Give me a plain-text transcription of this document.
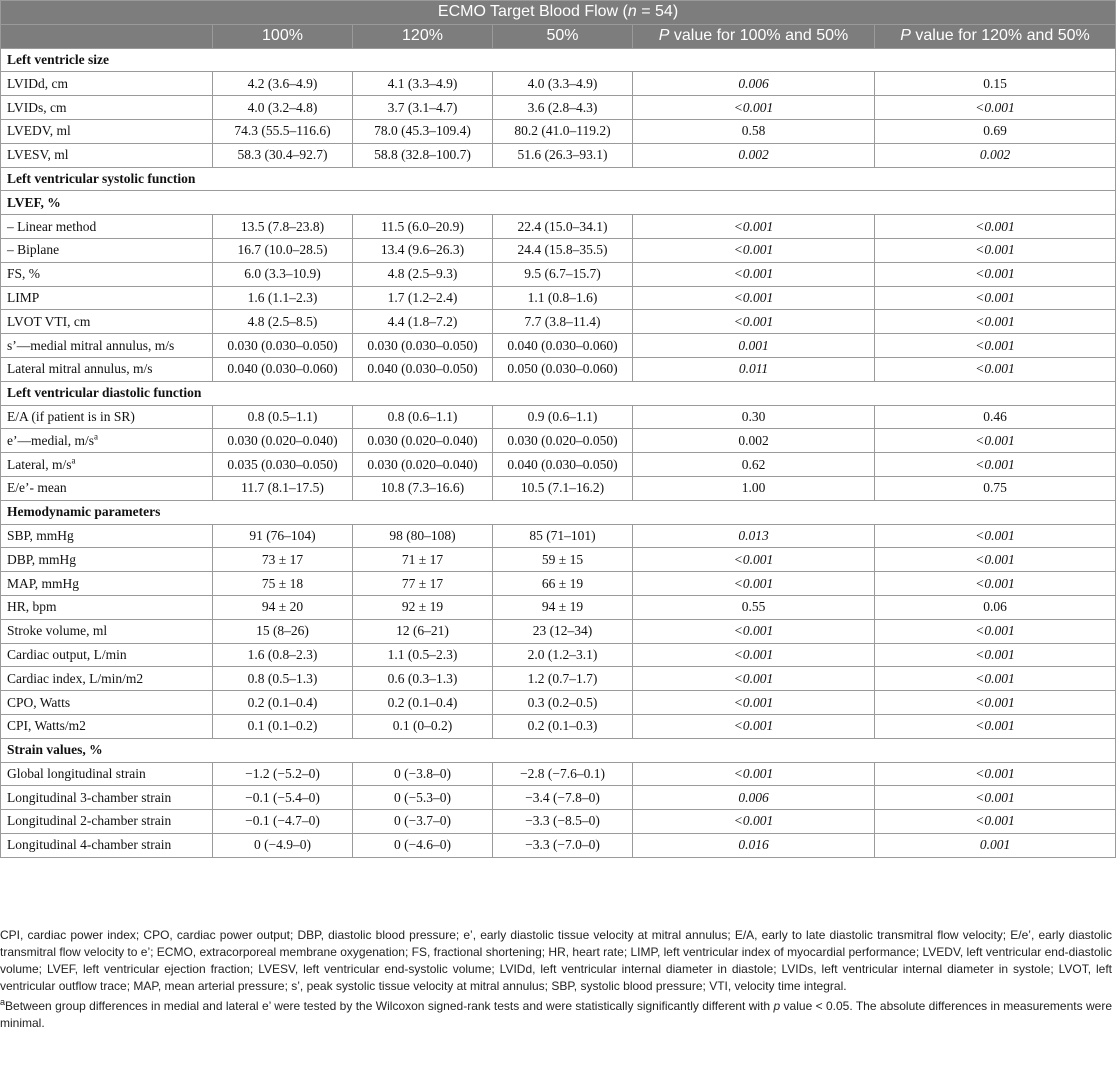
ECMO Target Blood Flow (n = 54)					
	100%	120%	50%	P value for 100% and 50%	P value for 120% and 50%
Left ventricle size					
LVIDd, cm	4.2 (3.6–4.9)	4.1 (3.3–4.9)	4.0 (3.3–4.9)	0.006	0.15
LVIDs, cm	4.0 (3.2–4.8)	3.7 (3.1–4.7)	3.6 (2.8–4.3)	<0.001	<0.001
LVEDV, ml	74.3 (55.5–116.6)	78.0 (45.3–109.4)	80.2 (41.0–119.2)	0.58	0.69
LVESV, ml	58.3 (30.4–92.7)	58.8 (32.8–100.7)	51.6 (26.3–93.1)	0.002	0.002
Left ventricular systolic function					
LVEF, %					
– Linear method	13.5 (7.8–23.8)	11.5 (6.0–20.9)	22.4 (15.0–34.1)	<0.001	<0.001
– Biplane	16.7 (10.0–28.5)	13.4 (9.6–26.3)	24.4 (15.8–35.5)	<0.001	<0.001
FS, %	6.0 (3.3–10.9)	4.8 (2.5–9.3)	9.5 (6.7–15.7)	<0.001	<0.001
LIMP	1.6 (1.1–2.3)	1.7 (1.2–2.4)	1.1 (0.8–1.6)	<0.001	<0.001
LVOT VTI, cm	4.8 (2.5–8.5)	4.4 (1.8–7.2)	7.7 (3.8–11.4)	<0.001	<0.001
s’—medial mitral annulus, m/s	0.030 (0.030–0.050)	0.030 (0.030–0.050)	0.040 (0.030–0.060)	0.001	<0.001
Lateral mitral annulus, m/s	0.040 (0.030–0.060)	0.040 (0.030–0.050)	0.050 (0.030–0.060)	0.011	<0.001
Left ventricular diastolic function					
E/A (if patient is in SR)	0.8 (0.5–1.1)	0.8 (0.6–1.1)	0.9 (0.6–1.1)	0.30	0.46
e’—medial, $m/s^a$	0.030 (0.020–0.040)	0.030 (0.020–0.040)	0.030 (0.020–0.050)	0.002	<0.001
Lateral, $m/s^a$	0.035 (0.030–0.050)	0.030 (0.020–0.040)	0.040 (0.030–0.050)	0.62	<0.001
E/e’- mean	11.7 (8.1–17.5)	10.8 (7.3–16.6)	10.5 (7.1–16.2)	1.00	0.75
Hemodynamic parameters					
SBP, mmHg	91 (76–104)	98 (80–108)	85 (71–101)	0.013	<0.001
DBP, mmHg	73 ± 17	71 ± 17	59 ± 15	<0.001	<0.001
MAP, mmHg	75 ± 18	77 ± 17	66 ± 19	<0.001	<0.001
HR, bpm	94 ± 20	92 ± 19	94 ± 19	0.55	0.06
Stroke volume, ml	15 (8–26)	12 (6–21)	23 (12–34)	<0.001	<0.001
Cardiac output, L/min	1.6 (0.8–2.3)	1.1 (0.5–2.3)	2.0 (1.2–3.1)	<0.001	<0.001
Cardiac index, L/min/m2	0.8 (0.5–1.3)	0.6 (0.3–1.3)	1.2 (0.7–1.7)	<0.001	<0.001
CPO, Watts	0.2 (0.1–0.4)	0.2 (0.1–0.4)	0.3 (0.2–0.5)	<0.001	<0.001
CPI, Watts/m2	0.1 (0.1–0.2)	0.1 (0–0.2)	0.2 (0.1–0.3)	<0.001	<0.001
Strain values, %					
Global longitudinal strain	−1.2 (−5.2–0)	0 (−3.8–0)	−2.8 (−7.6–0.1)	<0.001	<0.001
Longitudinal 3-chamber strain	−0.1 (−5.4–0)	0 (−5.3–0)	−3.4 (−7.8–0)	0.006	<0.001
Longitudinal 2-chamber strain	−0.1 (−4.7–0)	0 (−3.7–0)	−3.3 (−8.5–0)	<0.001	<0.001
Longitudinal 4-chamber strain	0 (−4.9–0)	0 (−4.6–0)	−3.3 (−7.0–0)	0.016	0.001

CPI, cardiac power index; CPO, cardiac power output; DBP, diastolic blood pressure; e’, early diastolic tissue velocity at mitral annulus; E/A, early to late diastolic transmitral flow velocity; E/e’, early diastolic transmitral flow velocity to e’; ECMO, extracorporeal membrane oxygenation; FS, fractional shortening; HR, heart rate; LIMP, left ventricular index of myocardial performance; LVEDV, left ventricular end-diastolic volume; LVEF, left ventricular ejection fraction; LVESV, left ventricular end-systolic volume; LVIDd, left ventricular internal diameter in diastole; LVIDs, left ventricular internal diameter in systole; LVOT, left ventricular outflow trace; MAP, mean arterial pressure; s’, peak systolic tissue velocity at mitral annulus; SBP, systolic blood pressure; VTI, velocity time integral.

$^a$Between group differences in medial and lateral e’ were tested by the Wilcoxon signed-rank tests and were statistically significantly different with p value < 0.05. The absolute differences in measurements were minimal.
